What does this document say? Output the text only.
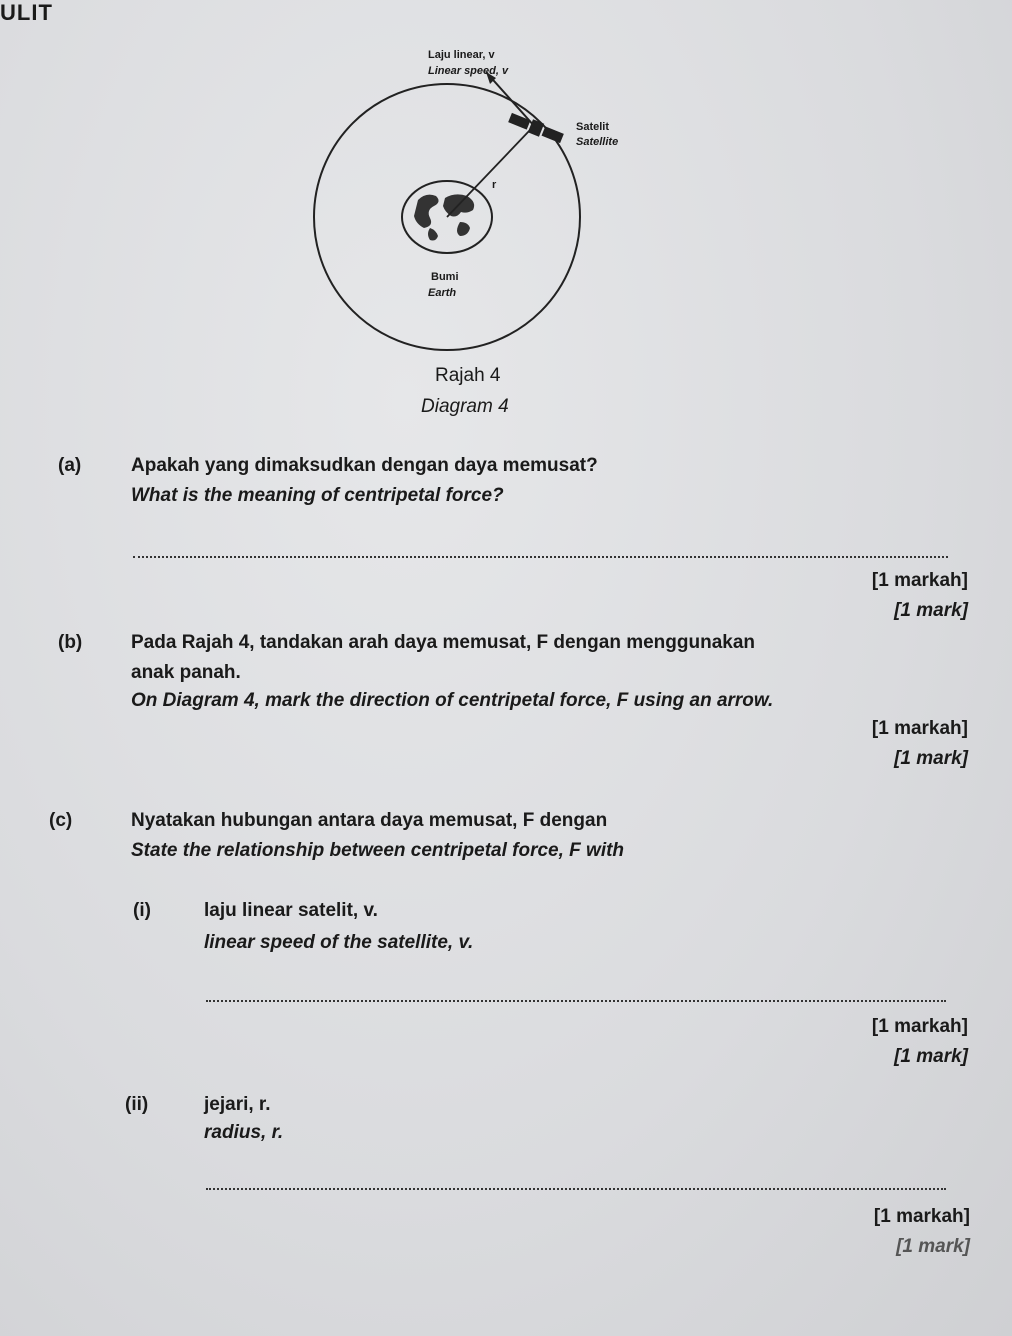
ULIT
Laju linear, v
Linear speed, v
Satelit
Satellite
r
Bumi
Earth
Rajah 4
Diagram 4
(a)	Apakah yang dimaksudkan dengan daya memusat?
What is the meaning of centripetal force?
[1 markah]
[1 mark]
(b)	Pada Rajah 4, tandakan arah daya memusat, F dengan menggunakan
anak panah.
On Diagram 4, mark the direction of centripetal force, F using an arrow.
[1 markah]
[1 mark]
(c)	Nyatakan hubungan antara daya memusat, F dengan
State the relationship between centripetal force, F with
(i)	laju linear satelit, v.
linear speed of the satellite, v.
[1 markah]
[1 mark]
(ii)	jejari, r.
radius, r.
[1 markah]
[1 mark]
